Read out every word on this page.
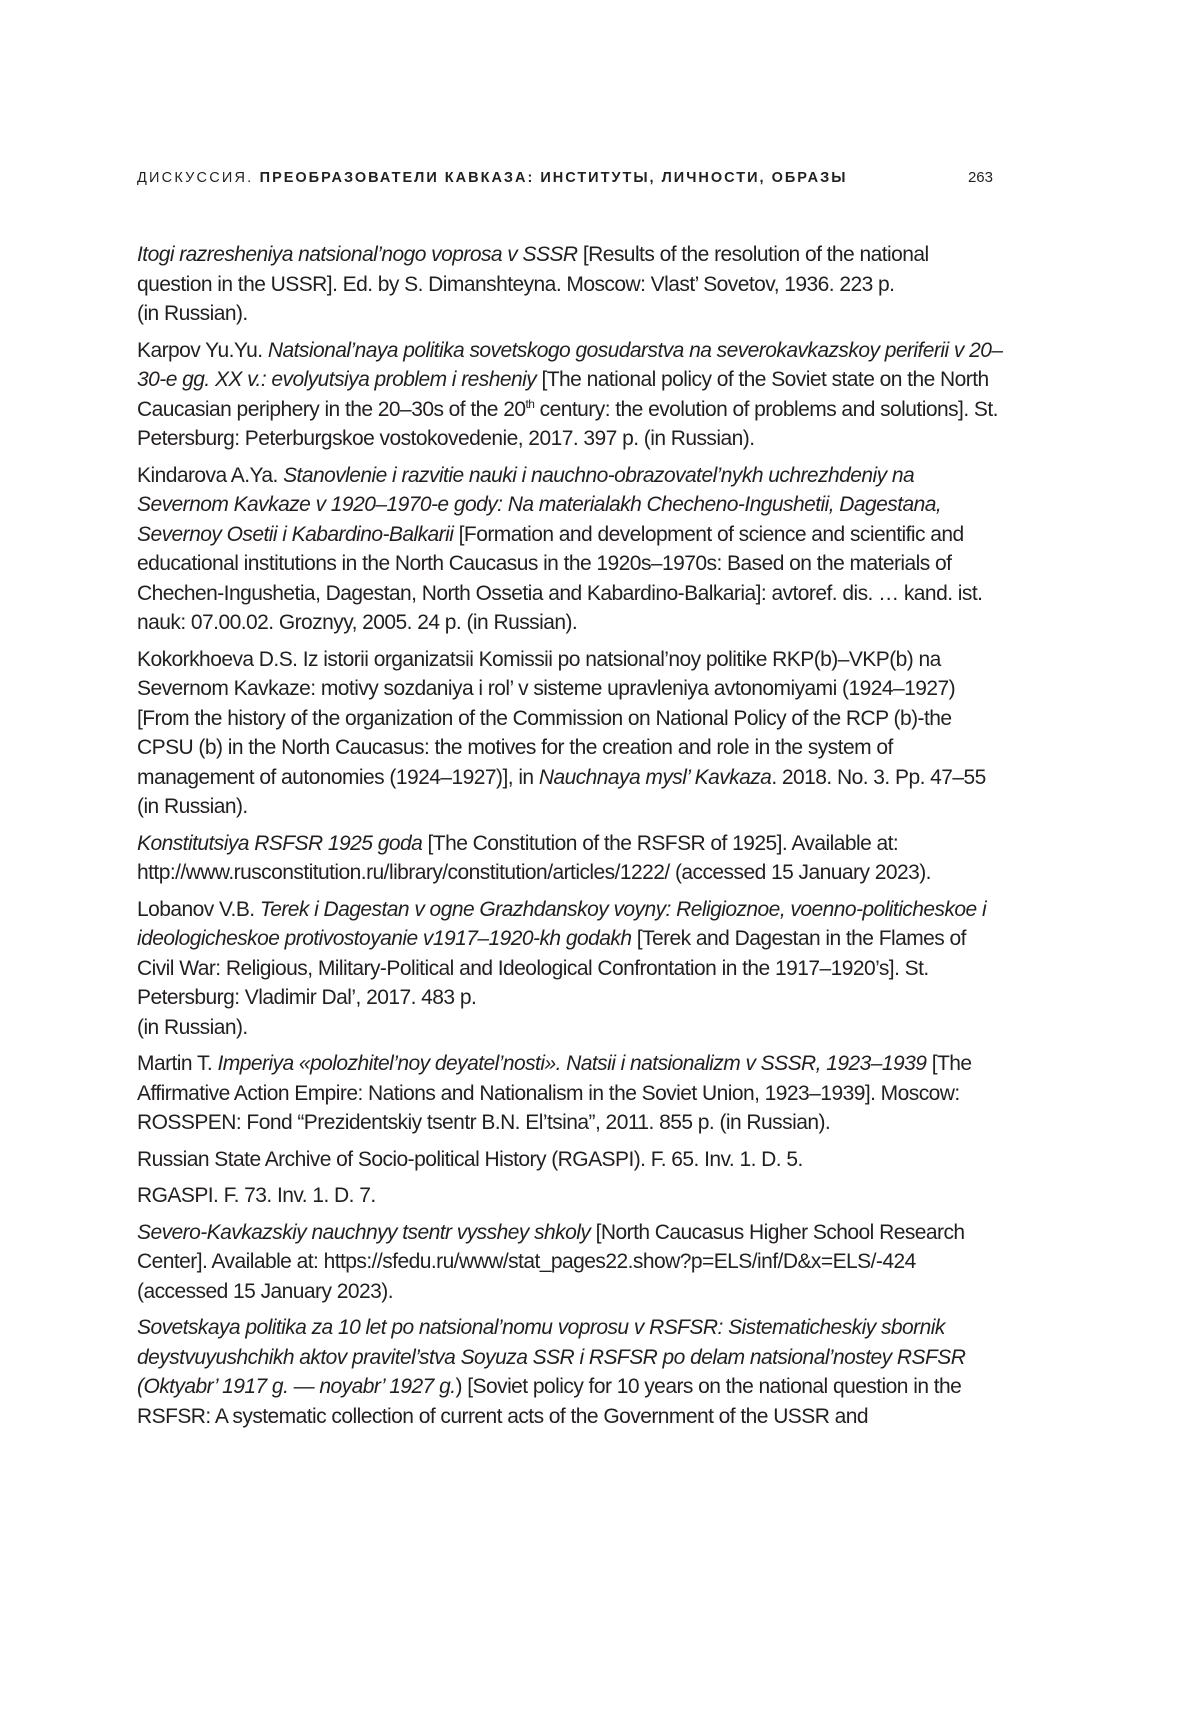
ДИСКУССИЯ. ПРЕОБРАЗОВАТЕЛИ КАВКАЗА: ИНСТИТУТЫ, ЛИЧНОСТИ, ОБРАЗЫ	263

Itogi razresheniya natsional’nogo voprosa v SSSR [Results of the resolution of the national question in the USSR]. Ed. by S. Dimanshteyna. Moscow: Vlast’ Sovetov, 1936. 223 p.
(in Russian).

Karpov Yu.Yu. Natsional’naya politika sovetskogo gosudarstva na severokavkazskoy periferii v 20–30-e gg. XX v.: evolyutsiya problem i resheniy [The national policy of the Soviet state on the North Caucasian periphery in the 20–30s of the 20th century: the evolution of problems and solutions]. St. Petersburg: Peterburgskoe vostokovedenie, 2017. 397 p. (in Russian).

Kindarova A.Ya. Stanovlenie i razvitie nauki i nauchno-obrazovatel’nykh uchrezhdeniy na Severnom Kavkaze v 1920–1970-e gody: Na materialakh Checheno-Ingushetii, Dagestana, Severnoy Osetii i Kabardino-Balkarii [Formation and development of science and scientific and educational institutions in the North Caucasus in the 1920s–1970s: Based on the materials of Chechen-Ingushetia, Dagestan, North Ossetia and Kabardino-Balkaria]: avtoref. dis. … kand. ist. nauk: 07.00.02. Groznyy, 2005. 24 p. (in Russian).

Kokorkhoeva D.S. Iz istorii organizatsii Komissii po natsional’noy politike RKP(b)–VKP(b) na Severnom Kavkaze: motivy sozdaniya i rol’ v sisteme upravleniya avtonomiyami (1924–1927) [From the history of the organization of the Commission on National Policy of the RCP (b)-the CPSU (b) in the North Caucasus: the motives for the creation and role in the system of management of autonomies (1924–1927)], in Nauchnaya mysl’ Kavkaza. 2018. No. 3. Pp. 47–55 (in Russian).

Konstitutsiya RSFSR 1925 goda [The Constitution of the RSFSR of 1925]. Available at: http://www.rusconstitution.ru/library/constitution/articles/1222/ (accessed 15 January 2023).

Lobanov V.B. Terek i Dagestan v ogne Grazhdanskoy voyny: Religioznoe, voenno-politicheskoe i ideologicheskoe protivostoyanie v1917–1920-kh godakh [Terek and Dagestan in the Flames of Civil War: Religious, Military-Political and Ideological Confrontation in the 1917–1920’s]. St. Petersburg: Vladimir Dal’, 2017. 483 p.
(in Russian).

Martin T. Imperiya «polozhitel’noy deyatel’nosti». Natsii i natsionalizm v SSSR, 1923–1939 [The Affirmative Action Empire: Nations and Nationalism in the Soviet Union, 1923–1939]. Moscow: ROSSPEN: Fond “Prezidentskiy tsentr B.N. El’tsina”, 2011. 855 p. (in Russian).

Russian State Archive of Socio-political History (RGASPI). F. 65. Inv. 1. D. 5.

RGASPI. F. 73. Inv. 1. D. 7.

Severo-Kavkazskiy nauchnyy tsentr vysshey shkoly [North Caucasus Higher School Research Center]. Available at: https://sfedu.ru/www/stat_pages22.show?p=ELS/inf/D&x=ELS/-424 (accessed 15 January 2023).

Sovetskaya politika za 10 let po natsional’nomu voprosu v RSFSR: Sistematicheskiy sbornik deystvuyushchikh aktov pravitel’stva Soyuza SSR i RSFSR po delam natsional’nostey RSFSR (Oktyabr’ 1917 g. — noyabr’ 1927 g.) [Soviet policy for 10 years on the national question in the RSFSR: A systematic collection of current acts of the Government of the USSR and
